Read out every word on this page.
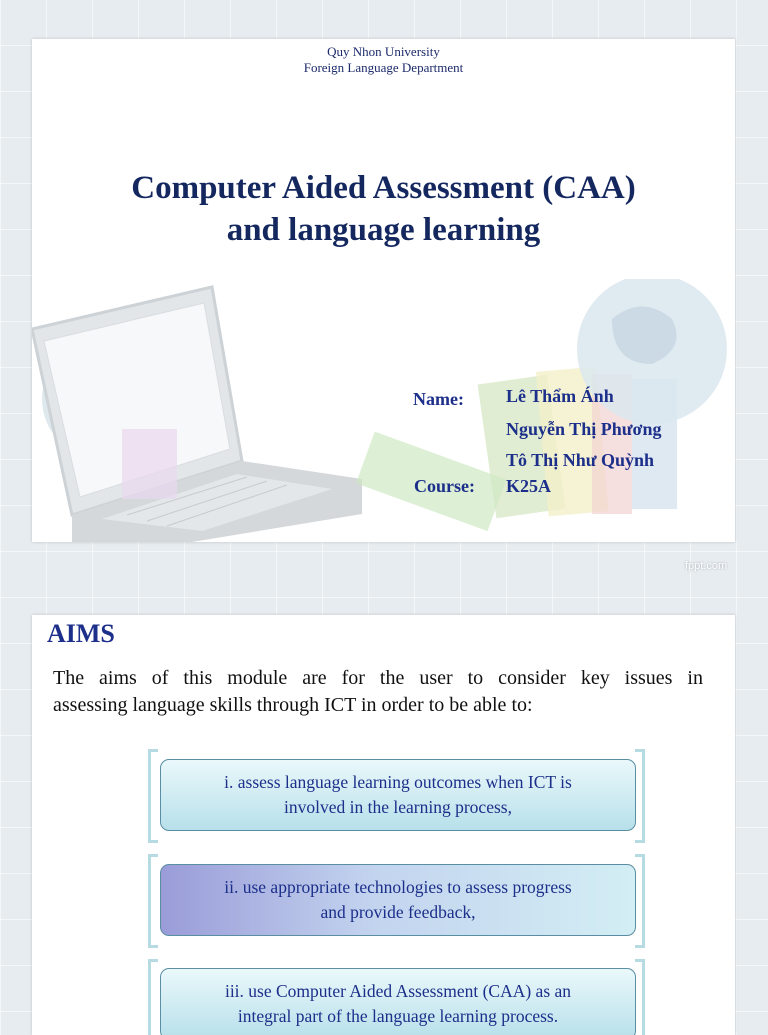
Quy Nhon University
Foreign Language Department
Computer Aided Assessment (CAA)
and language learning
Name: Lê Thẩm Ánh
Nguyễn Thị Phương
Tô Thị Như Quỳnh
Course: K25A
fppt.com
AIMS
The aims of this module are for the user to consider key issues in
assessing language skills through ICT in order to be able to:
i. assess language learning outcomes when ICT is
involved in the learning process,
ii. use appropriate technologies to assess progress
and provide feedback,
iii. use Computer Aided Assessment (CAA) as an
integral part of the language learning process.
